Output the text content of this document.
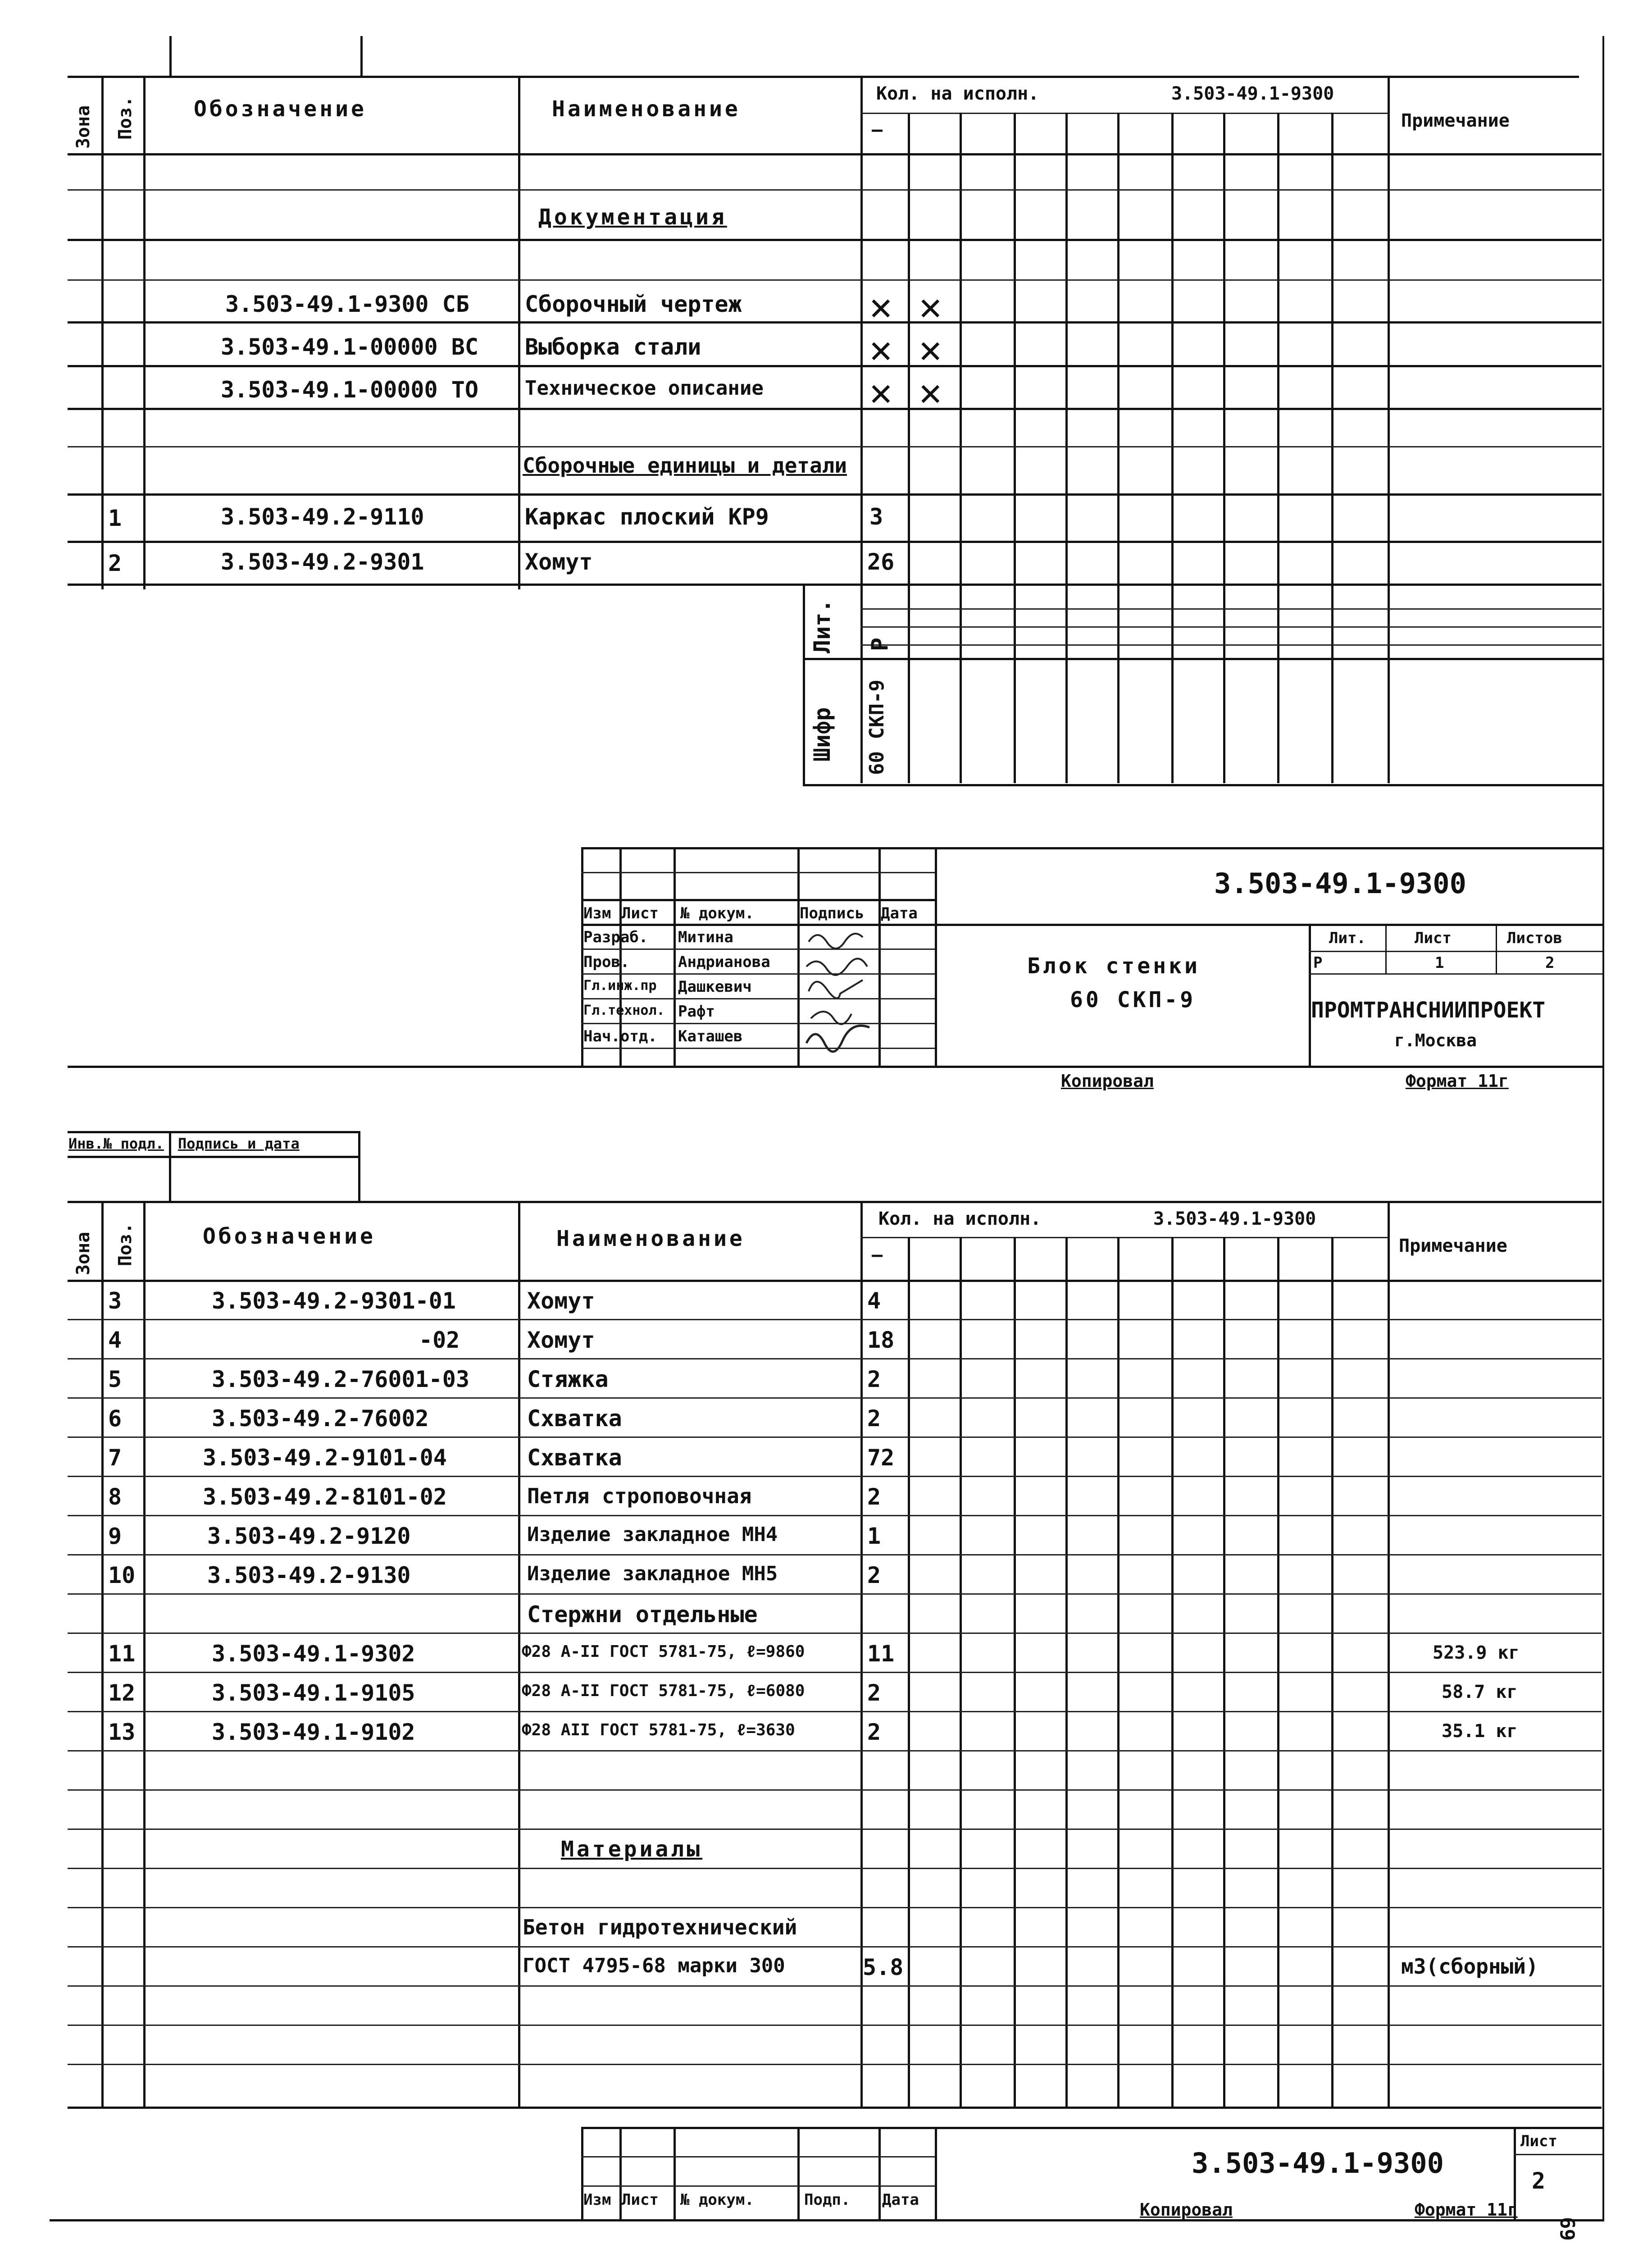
Зона Поз.	Обозначение	Наименование
Кол. на исполн.	3.503-49.1-9300
—	Примечание
Документация
Сборочные единицы и детали
3.503-49.1-9300 СБ Сборочный чертеж	✕ ✕
3.503-49.1-00000 ВС Выборка стали	✕ ✕
3.503-49.1-00000 ТО Техническое описание	✕ ✕
1	3.503-49.2-9110	Каркас плоский КР9	3
2	3.503-49.2-9301	Хомут	26
Лит. Р
Шифр 60 СКП-9
Изм Лист № докум.	Подпись Дата
Разраб. Митина
Пров.	Андрианова
Гл.инж.пр Дашкевич
Гл.технол. Рафт
Нач.отд. Каташев
3.503-49.1-9300
Блок стенки
60 СКП-9
Лит.	Лист	Листов
Р	1	2
ПРОМТРАНСНИИПРОЕКТ
г.Москва
Копировал	Формат 11г
Инв.№ подл. Подпись и дата
Зона Поз.	Обозначение	Наименование
Кол. на исполн.	3.503-49.1-9300
—	Примечание
3	3.503-49.2-9301-01	Хомут	4
4	-02	Хомут	18
5	3.503-49.2-76001-03	Стяжка	2
6	3.503-49.2-76002	Схватка	2
7	3.503-49.2-9101-04	Схватка	72
8	3.503-49.2-8101-02	Петля строповочная	2
9	3.503-49.2-9120	Изделие закладное МН4	1
10	3.503-49.2-9130	Изделие закладное МН5	2
Стержни отдельные
11	3.503-49.1-9302	Ф28 А-II ГОСТ 5781-75, ℓ=9860	11	523.9 кг
12	3.503-49.1-9105	Ф28 А-II ГОСТ 5781-75, ℓ=6080	2	58.7 кг
13	3.503-49.1-9102	Ф28 АII ГОСТ 5781-75, ℓ=3630	2	35.1 кг
Материалы
Бетон гидротехнический
ГОСТ 4795-68 марки 300	5.8	м3(сборный)
Изм Лист № докум.	Подп. Дата
3.503-49.1-9300
Лист
2
Копировал	Формат 11г
69
